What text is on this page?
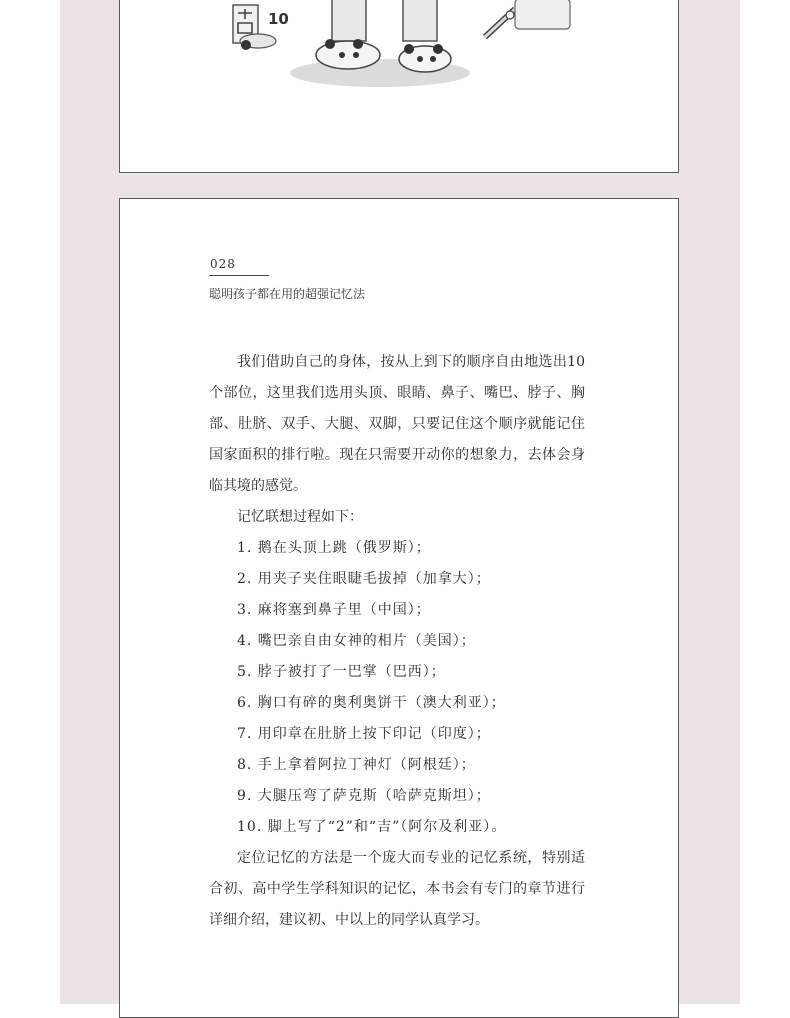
10
028
聪明孩子都在用的超强记忆法

我们借助自己的身体，按从上到下的顺序自由地选出10个部位，这里我们选用头顶、眼睛、鼻子、嘴巴、脖子、胸部、肚脐、双手、大腿、双脚，只要记住这个顺序就能记住国家面积的排行啦。现在只需要开动你的想象力，去体会身临其境的感觉。

记忆联想过程如下：

1. 鹅在头顶上跳（俄罗斯）；
2. 用夹子夹住眼睫毛拔掉（加拿大）；
3. 麻将塞到鼻子里（中国）；
4. 嘴巴亲自由女神的相片（美国）；
5. 脖子被打了一巴掌（巴西）；
6. 胸口有碎的奥利奥饼干（澳大利亚）；
7. 用印章在肚脐上按下印记（印度）；
8. 手上拿着阿拉丁神灯（阿根廷）；
9. 大腿压弯了萨克斯（哈萨克斯坦）；
10. 脚上写了“2”和“吉”（阿尔及利亚）。

定位记忆的方法是一个庞大而专业的记忆系统，特别适合初、高中学生学科知识的记忆，本书会有专门的章节进行详细介绍，建议初、中以上的同学认真学习。
